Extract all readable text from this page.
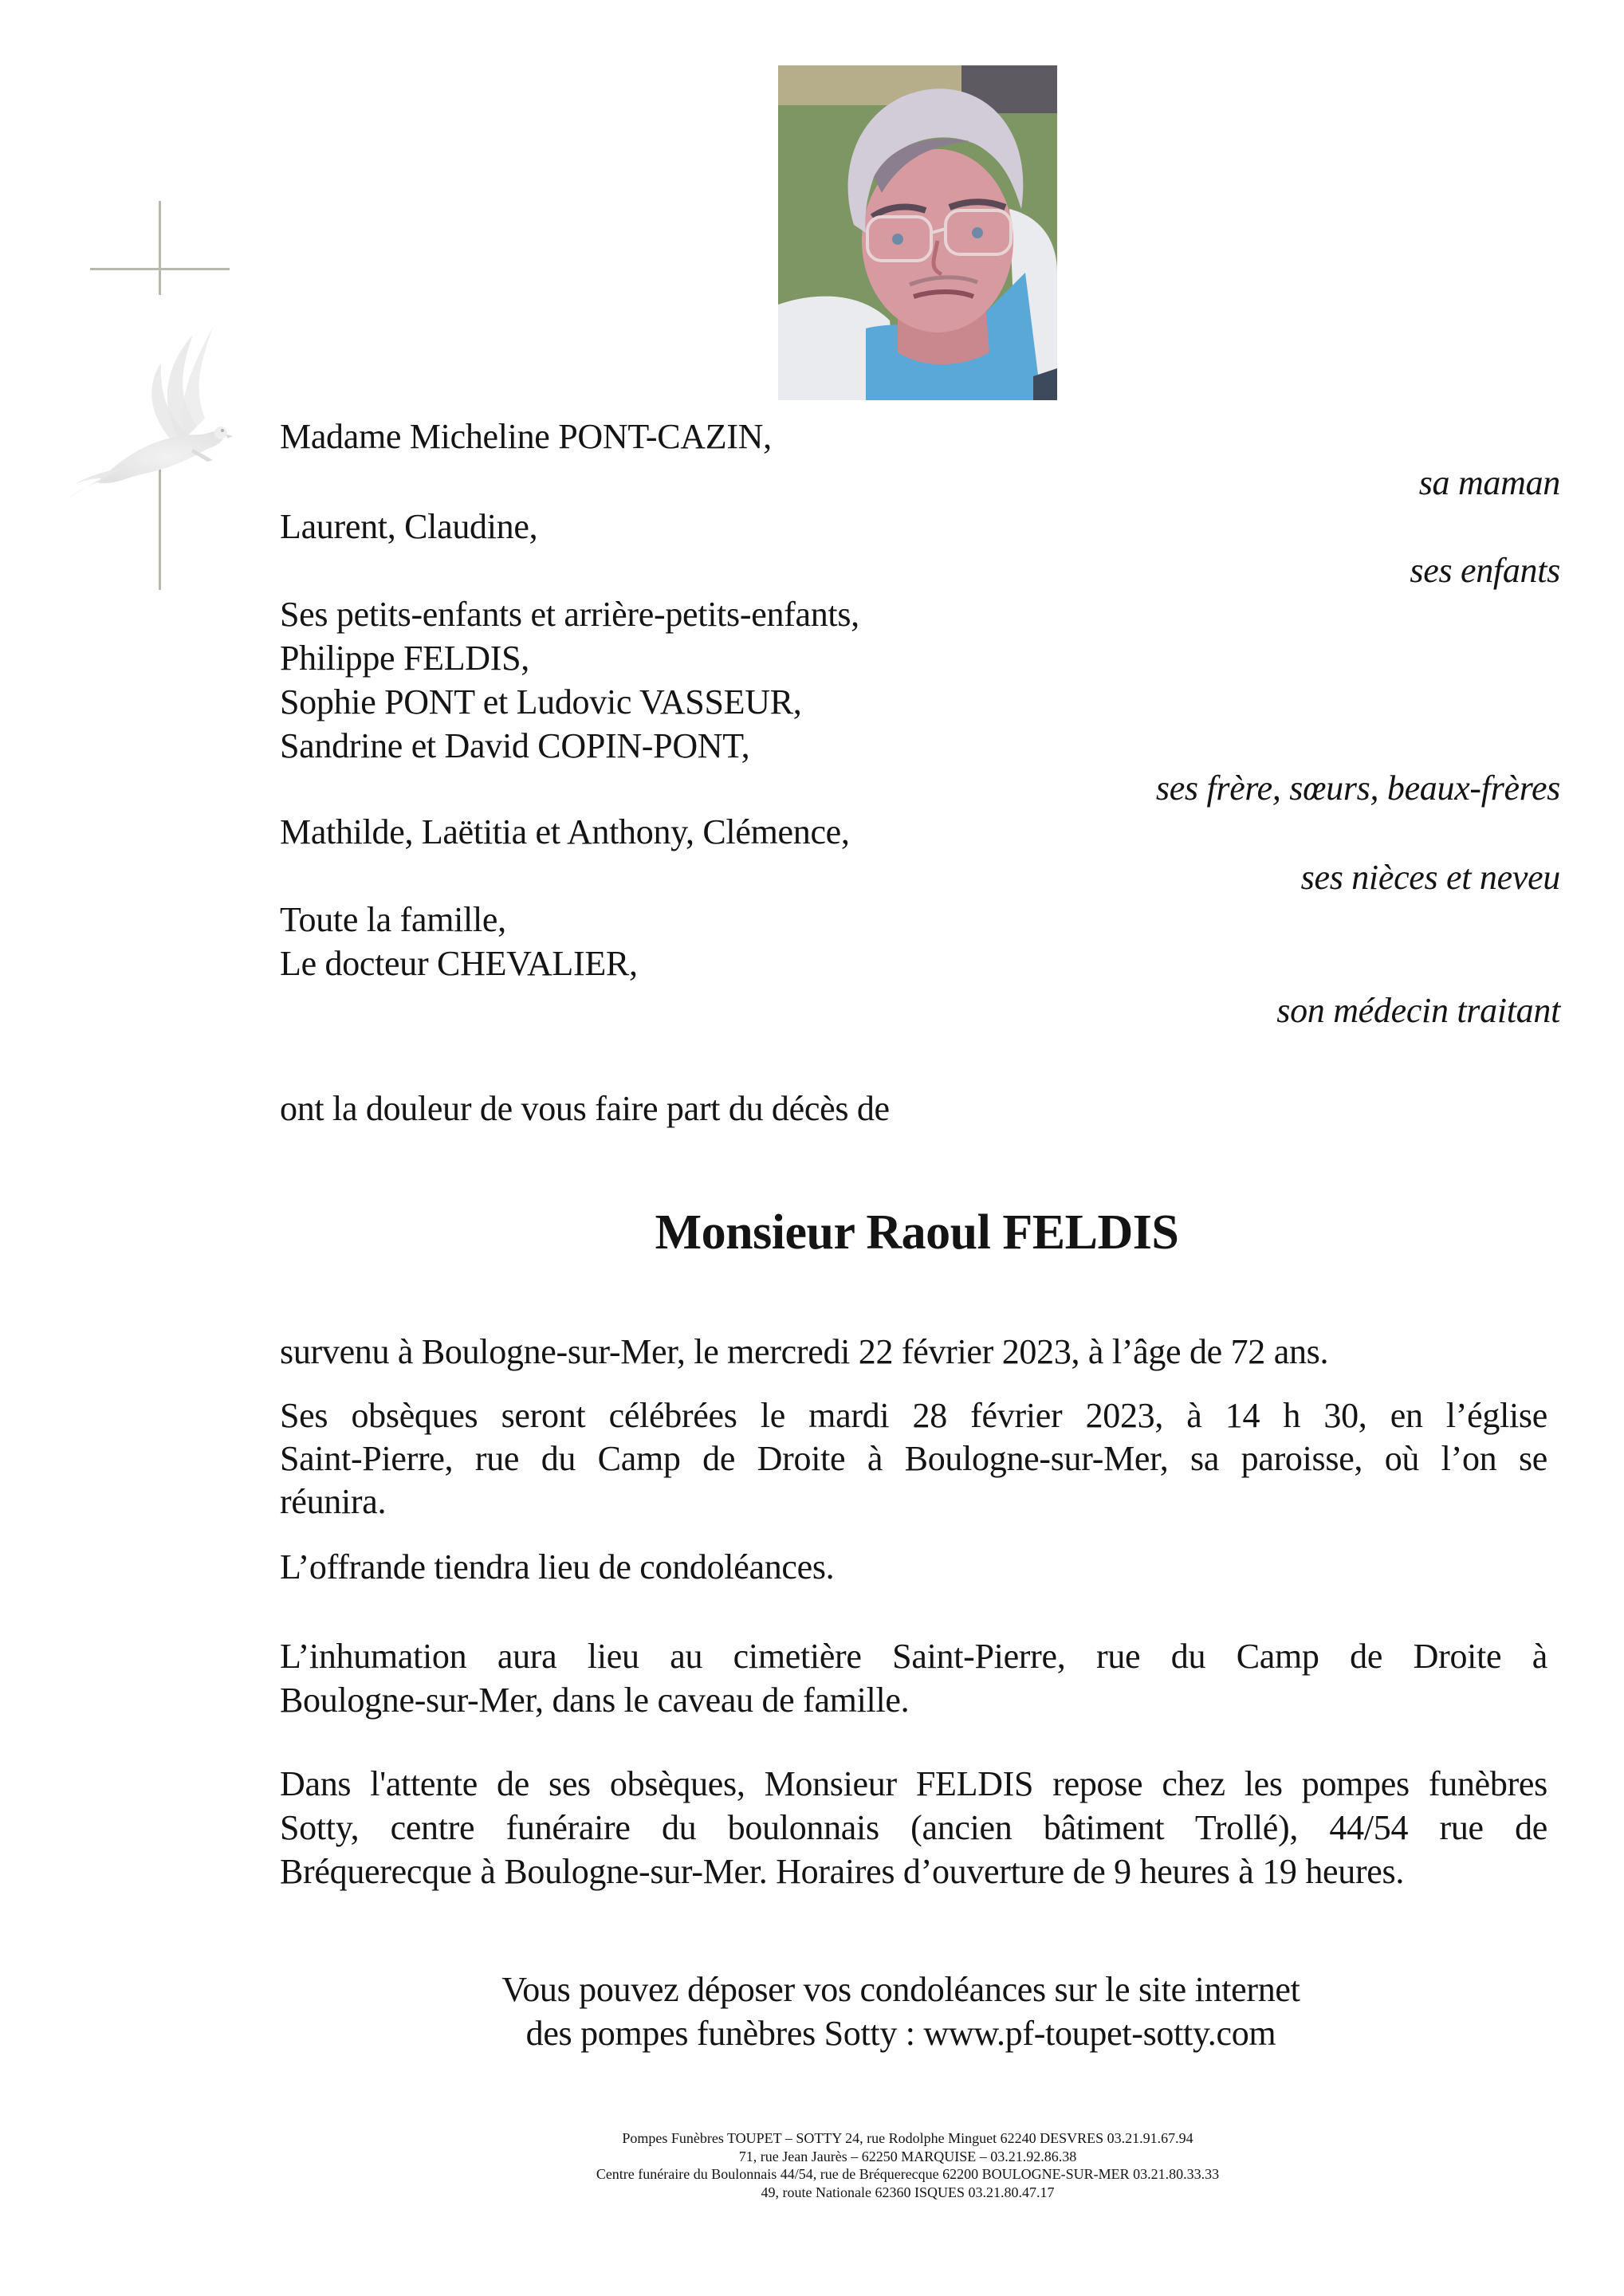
Madame Micheline PONT-CAZIN,
Laurent, Claudine,
Ses petits-enfants et arrière-petits-enfants,
Philippe FELDIS,
Sophie PONT et Ludovic VASSEUR,
Sandrine et David COPIN-PONT,
Mathilde, Laëtitia et Anthony, Clémence,
Toute la famille,
Le docteur CHEVALIER,
sa maman
ses enfants
ses frère, sœurs, beaux-frères
ses nièces et neveu
son médecin traitant
ont la douleur de vous faire part du décès de
Monsieur Raoul FELDIS
survenu à Boulogne-sur-Mer, le mercredi 22 février 2023, à l’âge de 72 ans.
Ses obsèques seront célébrées le mardi 28 février 2023, à 14 h 30, en l’église
Saint-Pierre, rue du Camp de Droite à Boulogne-sur-Mer, sa paroisse, où l’on se
réunira.
L’offrande tiendra lieu de condoléances.
L’inhumation aura lieu au cimetière Saint-Pierre, rue du Camp de Droite à
Boulogne-sur-Mer, dans le caveau de famille.
Dans l'attente de ses obsèques, Monsieur FELDIS repose chez les pompes funèbres
Sotty, centre funéraire du boulonnais (ancien bâtiment Trollé), 44/54 rue de
Bréquerecque à Boulogne-sur-Mer. Horaires d’ouverture de 9 heures à 19 heures.
Vous pouvez déposer vos condoléances sur le site internet
des pompes funèbres Sotty : www.pf-toupet-sotty.com
Pompes Funèbres TOUPET – SOTTY 24, rue Rodolphe Minguet 62240 DESVRES 03.21.91.67.94
71, rue Jean Jaurès – 62250 MARQUISE – 03.21.92.86.38
Centre funéraire du Boulonnais 44/54, rue de Bréquerecque 62200 BOULOGNE-SUR-MER 03.21.80.33.33
49, route Nationale 62360 ISQUES 03.21.80.47.17
